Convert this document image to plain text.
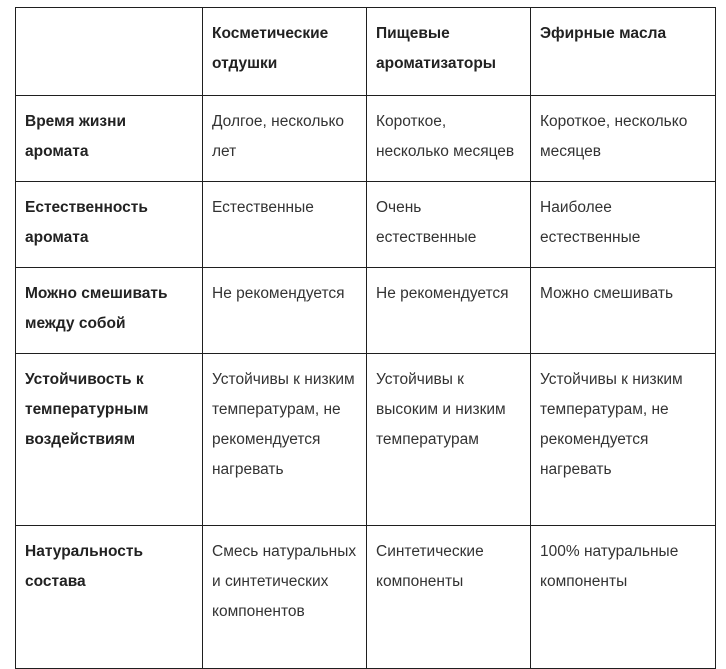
	Косметические отдушки	Пищевые ароматизаторы	Эфирные масла
Время жизни аромата	Долгое, несколько лет	Короткое, несколько месяцев	Короткое, несколько месяцев
Естественность аромата	Естественные	Очень естественные	Наиболее естественные
Можно смешивать между собой	Не рекомендуется	Не рекомендуется	Можно смешивать
Устойчивость к температурным воздействиям	Устойчивы к низким температурам, не рекомендуется нагревать	Устойчивы к высоким и низким температурам	Устойчивы к низким температурам, не рекомендуется нагревать
Натуральность состава	Смесь натуральных и синтетических компонентов	Синтетические компоненты	100% натуральные компоненты
